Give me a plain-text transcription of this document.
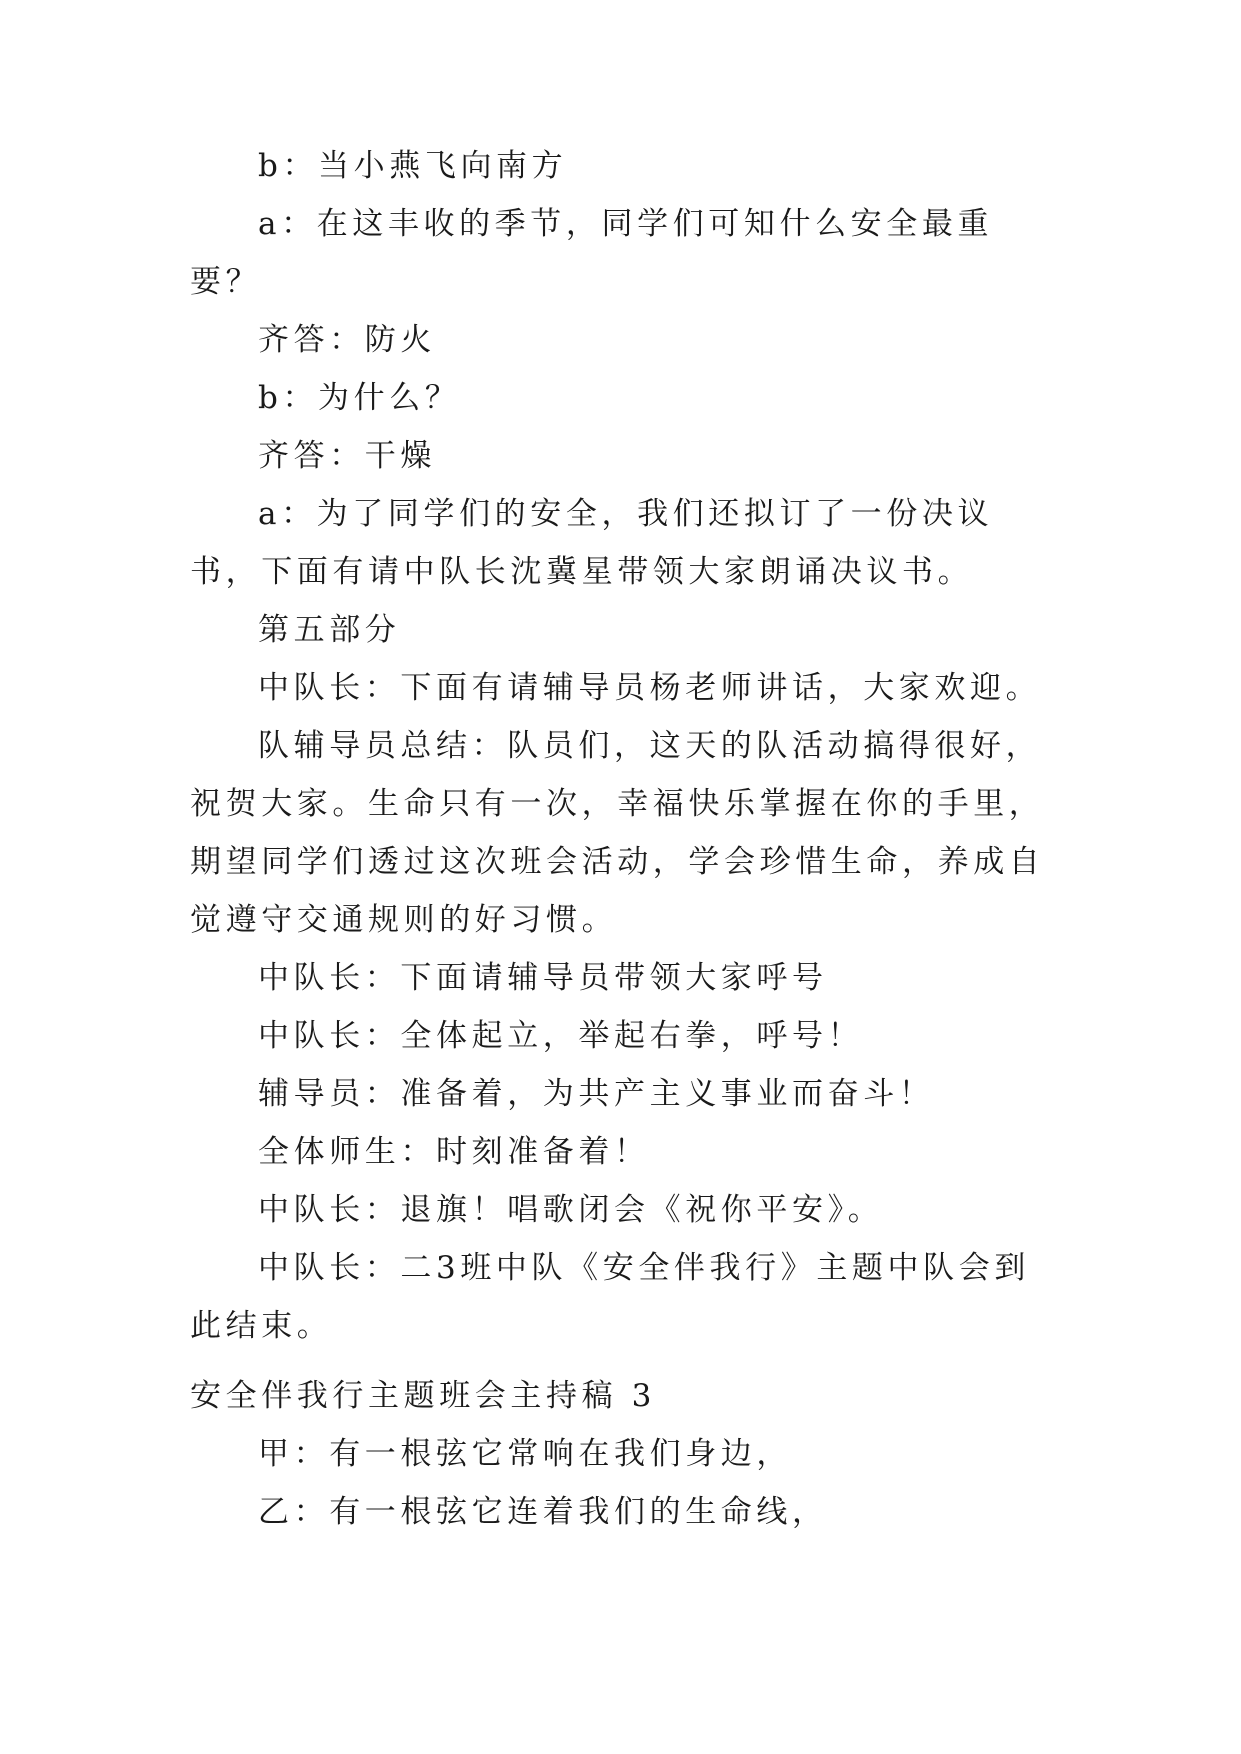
b：当小燕飞向南方

a：在这丰收的季节，同学们可知什么安全最重要？

齐答：防火

b：为什么？

齐答：干燥

a：为了同学们的安全，我们还拟订了一份决议书，下面有请中队长沈冀星带领大家朗诵决议书。

第五部分

中队长：下面有请辅导员杨老师讲话，大家欢迎。

队辅导员总结：队员们，这天的队活动搞得很好，祝贺大家。生命只有一次，幸福快乐掌握在你的手里，期望同学们透过这次班会活动，学会珍惜生命，养成自觉遵守交通规则的好习惯。

中队长：下面请辅导员带领大家呼号

中队长：全体起立，举起右拳，呼号！

辅导员：准备着，为共产主义事业而奋斗！

全体师生：时刻准备着！

中队长：退旗！唱歌闭会《祝你平安》。

中队长：二3班中队《安全伴我行》主题中队会到此结束。

安全伴我行主题班会主持稿 3

甲：有一根弦它常响在我们身边，

乙：有一根弦它连着我们的生命线，
